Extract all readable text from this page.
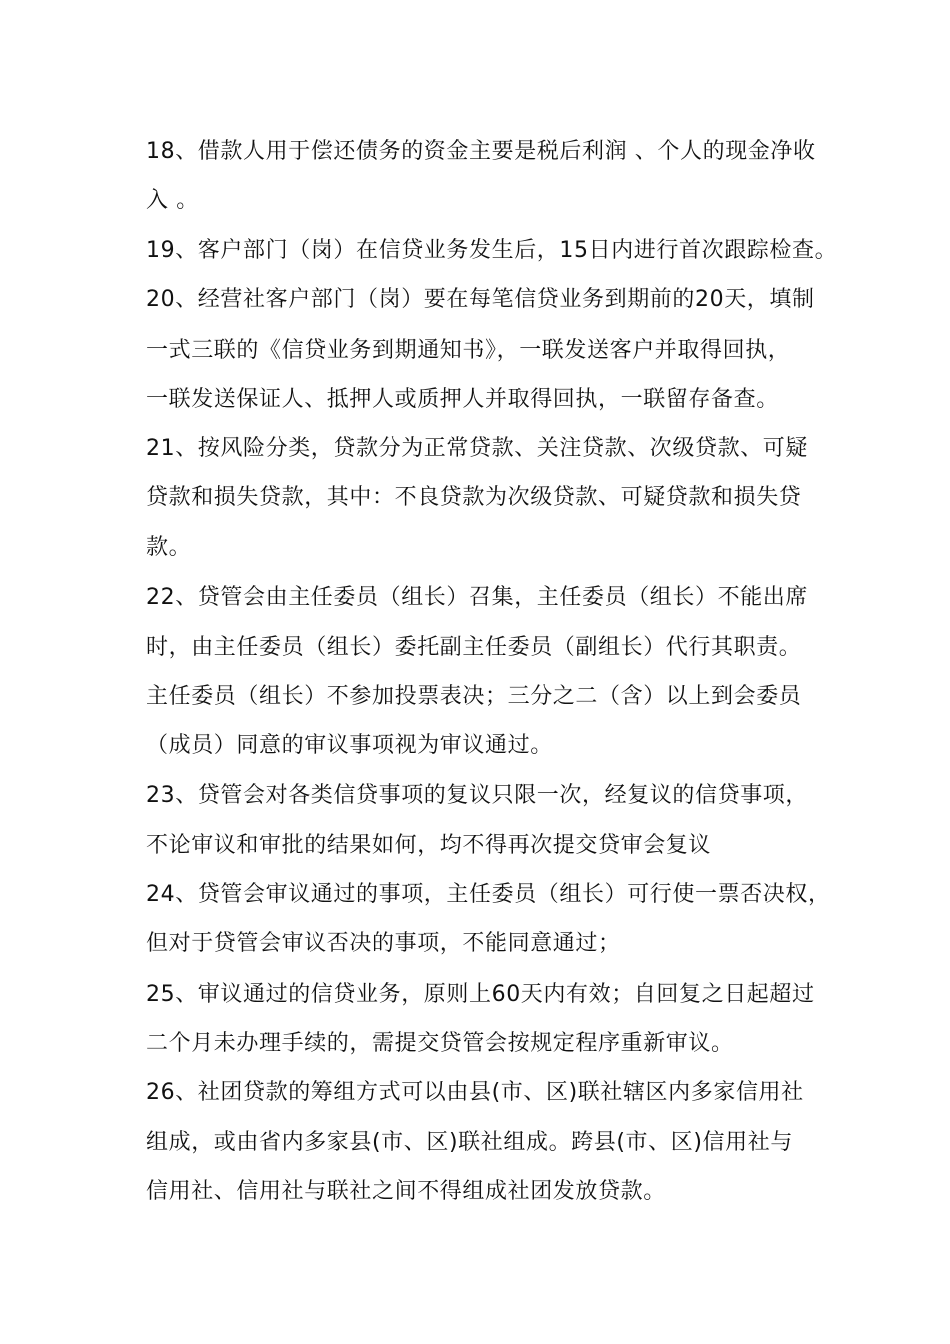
18、借款人用于偿还债务的资金主要是税后利润 、个人的现金净收
入 。
19、客户部门（岗）在信贷业务发生后，15日内进行首次跟踪检查。
20、经营社客户部门（岗）要在每笔信贷业务到期前的20天，填制
一式三联的《信贷业务到期通知书》，一联发送客户并取得回执，
一联发送保证人、抵押人或质押人并取得回执，一联留存备查。
21、按风险分类，贷款分为正常贷款、关注贷款、次级贷款、可疑
贷款和损失贷款，其中：不良贷款为次级贷款、可疑贷款和损失贷
款。
22、贷管会由主任委员（组长）召集，主任委员（组长）不能出席
时，由主任委员（组长）委托副主任委员（副组长）代行其职责。
主任委员（组长）不参加投票表决；三分之二（含）以上到会委员
（成员）同意的审议事项视为审议通过。
23、贷管会对各类信贷事项的复议只限一次，经复议的信贷事项，
不论审议和审批的结果如何，均不得再次提交贷审会复议
24、贷管会审议通过的事项，主任委员（组长）可行使一票否决权，
但对于贷管会审议否决的事项，不能同意通过；
25、审议通过的信贷业务，原则上60天内有效；自回复之日起超过
二个月未办理手续的，需提交贷管会按规定程序重新审议。
26、社团贷款的筹组方式可以由县(市、区)联社辖区内多家信用社
组成，或由省内多家县(市、区)联社组成。跨县(市、区)信用社与
信用社、信用社与联社之间不得组成社团发放贷款。
